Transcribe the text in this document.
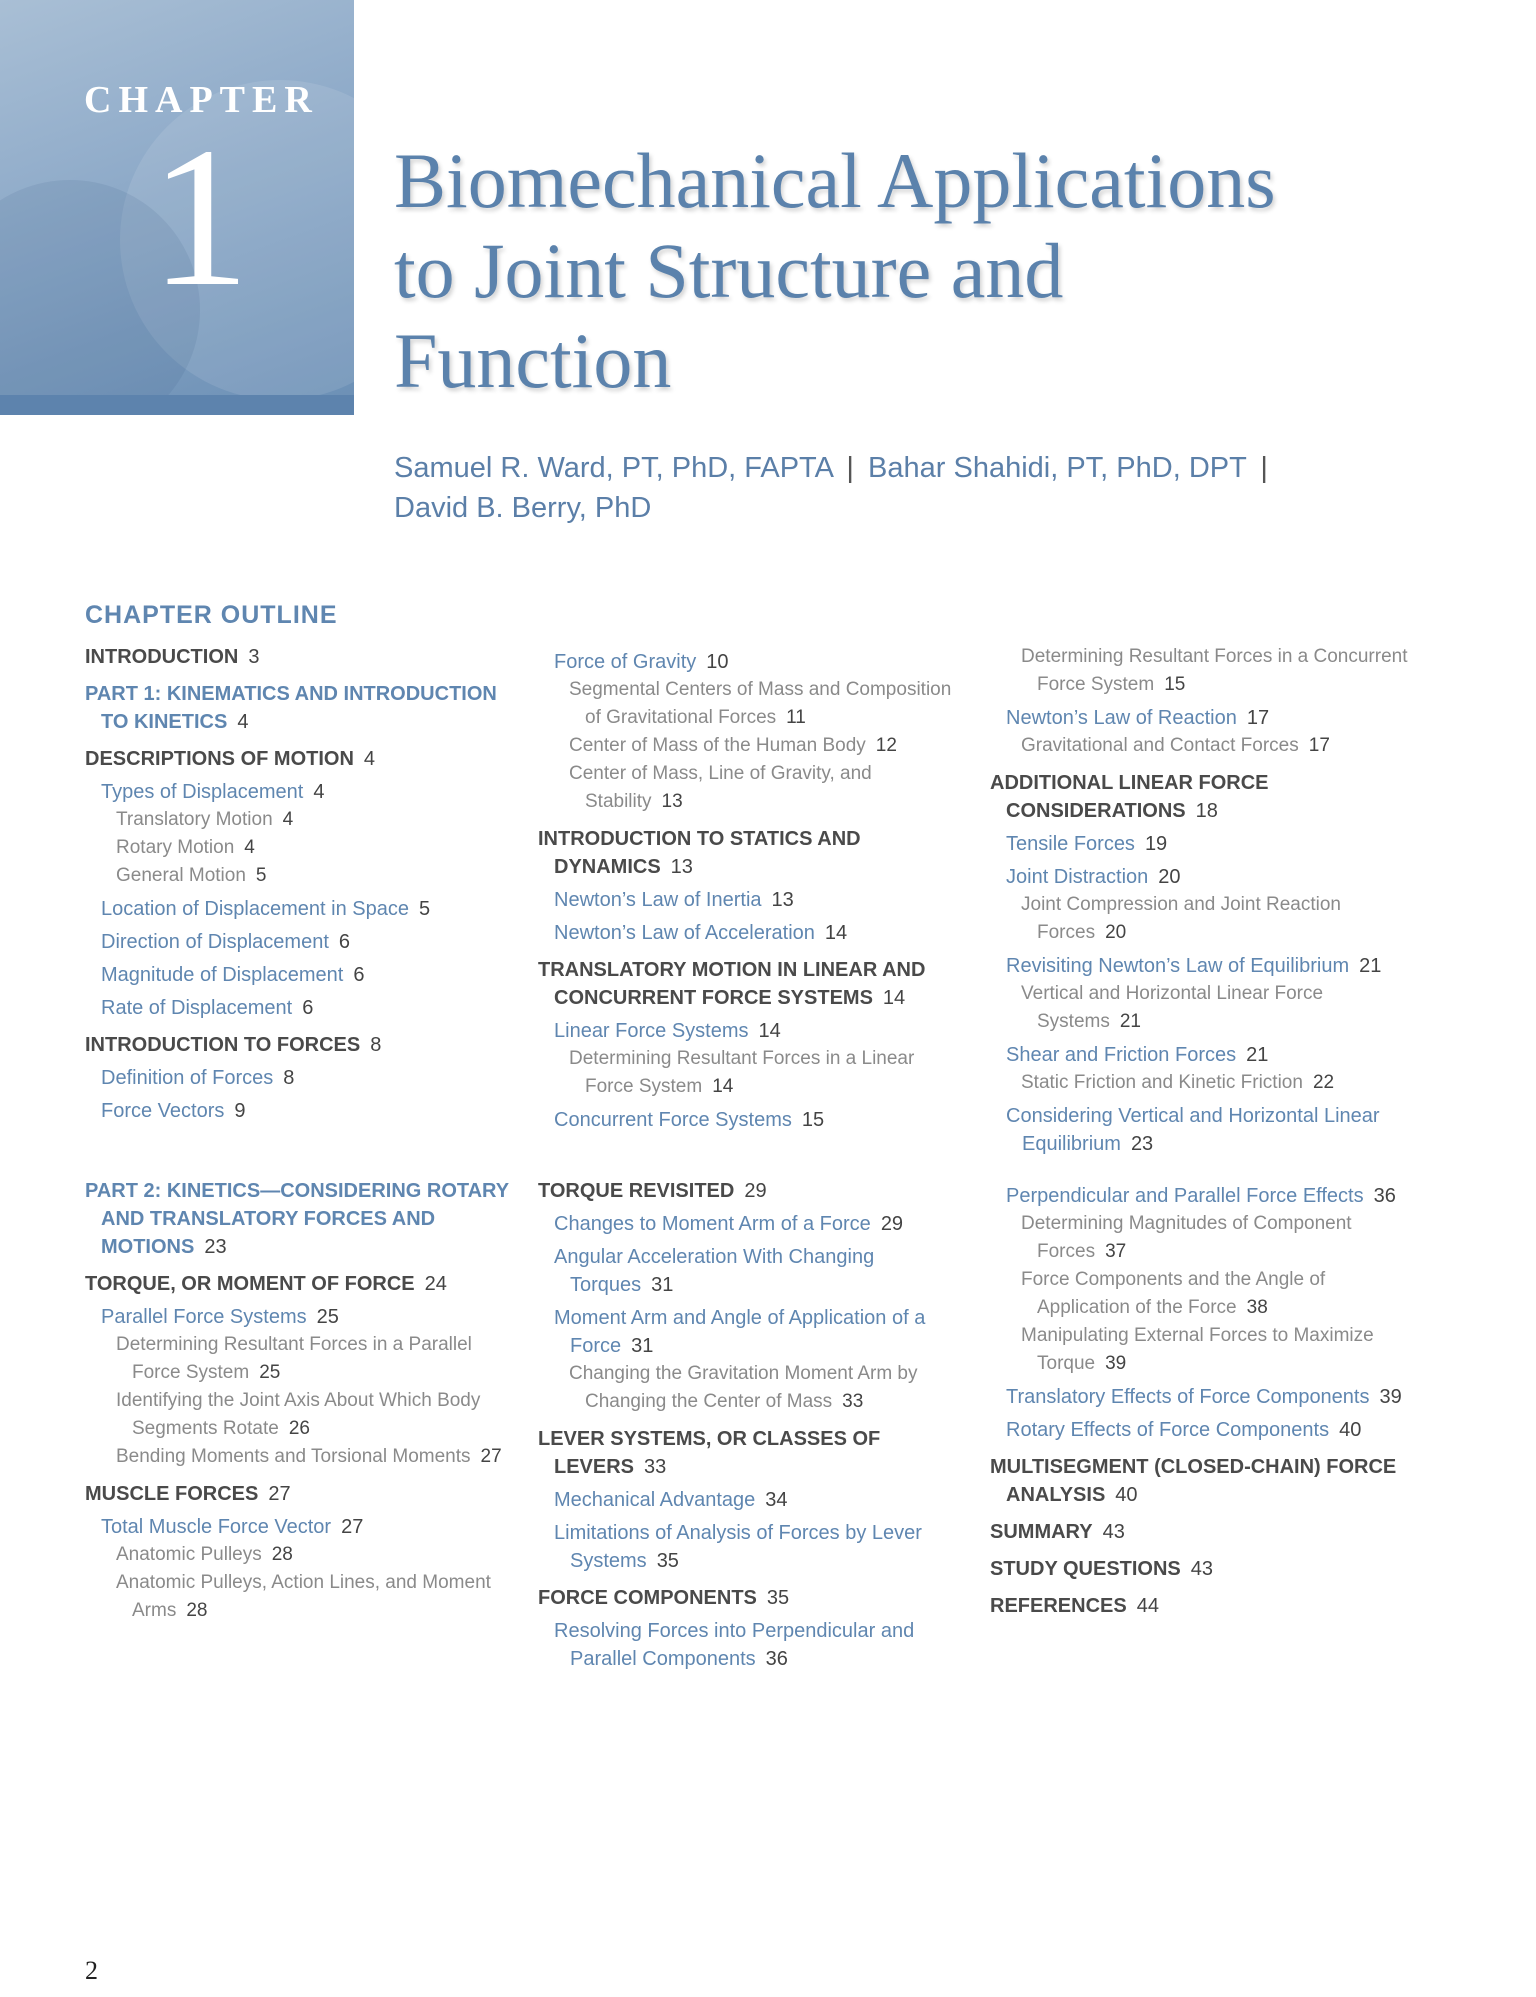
CHAPTER
1 Biomechanical Applications
to Joint Structure and
Function
Samuel R. Ward, PT, PhD, FAPTA | Bahar Shahidi, PT, PhD, DPT |
David B. Berry, PhD
CHAPTER OUTLINE
INTRODUCTION 3
PART 1: KINEMATICS AND INTRODUCTION TO KINETICS 4
DESCRIPTIONS OF MOTION 4
Types of Displacement 4
Translatory Motion 4
Rotary Motion 4
General Motion 5
Location of Displacement in Space 5
Direction of Displacement 6
Magnitude of Displacement 6
Rate of Displacement 6
INTRODUCTION TO FORCES 8
Definition of Forces 8
Force Vectors 9
Force of Gravity 10
Segmental Centers of Mass and Composition of Gravitational Forces 11
Center of Mass of the Human Body 12
Center of Mass, Line of Gravity, and Stability 13
INTRODUCTION TO STATICS AND DYNAMICS 13
Newton’s Law of Inertia 13
Newton’s Law of Acceleration 14
TRANSLATORY MOTION IN LINEAR AND CONCURRENT FORCE SYSTEMS 14
Linear Force Systems 14
Determining Resultant Forces in a Linear Force System 14
Concurrent Force Systems 15
Determining Resultant Forces in a Concurrent Force System 15
Newton’s Law of Reaction 17
Gravitational and Contact Forces 17
ADDITIONAL LINEAR FORCE CONSIDERATIONS 18
Tensile Forces 19
Joint Distraction 20
Joint Compression and Joint Reaction Forces 20
Revisiting Newton’s Law of Equilibrium 21
Vertical and Horizontal Linear Force Systems 21
Shear and Friction Forces 21
Static Friction and Kinetic Friction 22
Considering Vertical and Horizontal Linear Equilibrium 23
PART 2: KINETICS—CONSIDERING ROTARY AND TRANSLATORY FORCES AND MOTIONS 23
TORQUE, OR MOMENT OF FORCE 24
Parallel Force Systems 25
Determining Resultant Forces in a Parallel Force System 25
Identifying the Joint Axis About Which Body Segments Rotate 26
Bending Moments and Torsional Moments 27
MUSCLE FORCES 27
Total Muscle Force Vector 27
Anatomic Pulleys 28
Anatomic Pulleys, Action Lines, and Moment Arms 28
TORQUE REVISITED 29
Changes to Moment Arm of a Force 29
Angular Acceleration With Changing Torques 31
Moment Arm and Angle of Application of a Force 31
Changing the Gravitation Moment Arm by Changing the Center of Mass 33
LEVER SYSTEMS, OR CLASSES OF LEVERS 33
Mechanical Advantage 34
Limitations of Analysis of Forces by Lever Systems 35
FORCE COMPONENTS 35
Resolving Forces into Perpendicular and Parallel Components 36
Perpendicular and Parallel Force Effects 36
Determining Magnitudes of Component Forces 37
Force Components and the Angle of Application of the Force 38
Manipulating External Forces to Maximize Torque 39
Translatory Effects of Force Components 39
Rotary Effects of Force Components 40
MULTISEGMENT (CLOSED-CHAIN) FORCE ANALYSIS 40
SUMMARY 43
STUDY QUESTIONS 43
REFERENCES 44
2
